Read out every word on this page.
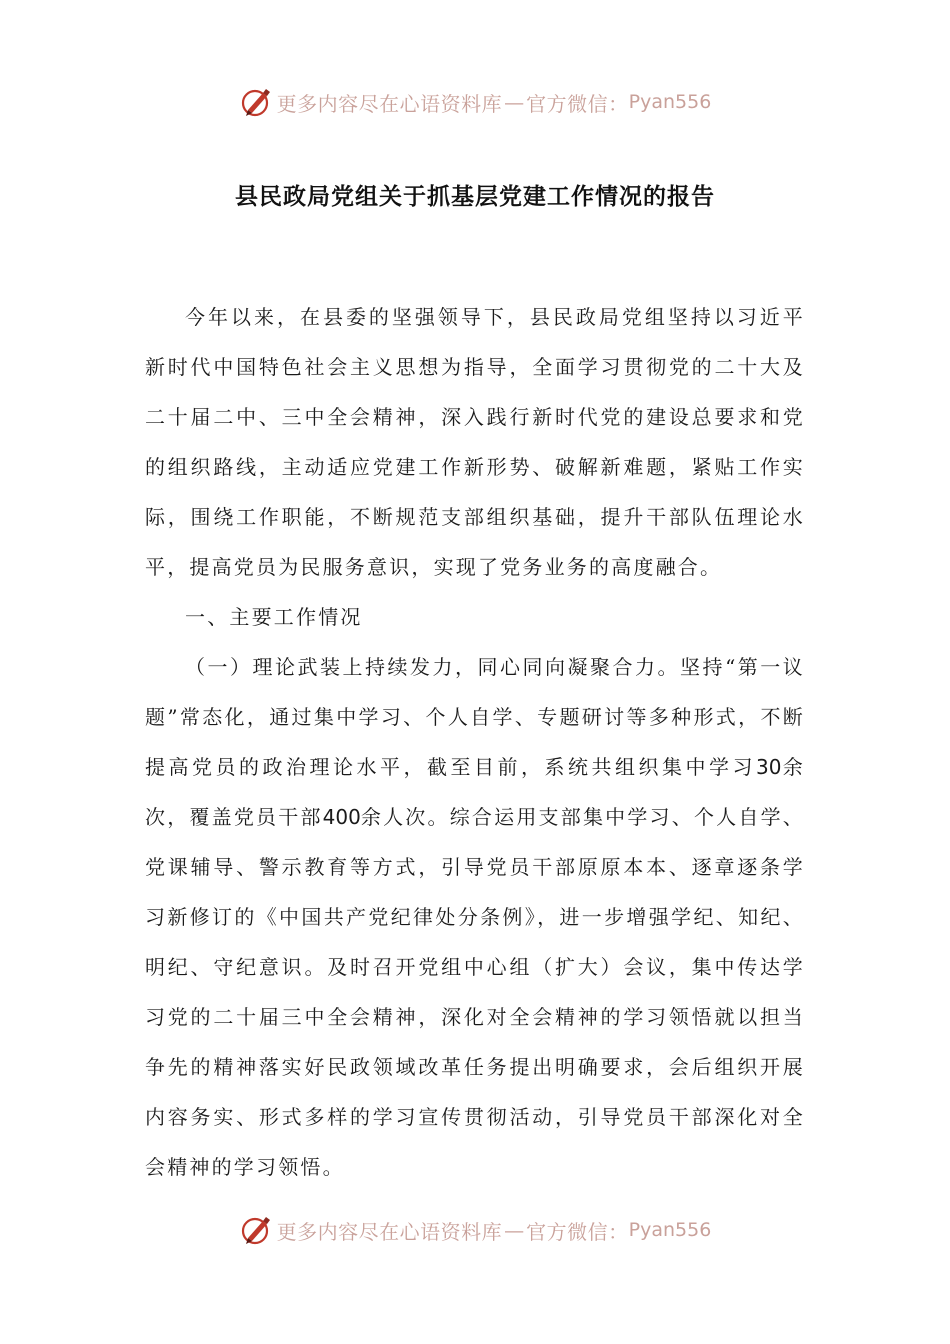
更多内容尽在心语资料库 — 官方微信： Pyan556
县民政局党组关于抓基层党建工作情况的报告

今年以来，在县委的坚强领导下，县民政局党组坚持以习近平新时代中国特色社会主义思想为指导，全面学习贯彻党的二十大及二十届二中、三中全会精神，深入践行新时代党的建设总要求和党的组织路线，主动适应党建工作新形势、破解新难题，紧贴工作实际，围绕工作职能，不断规范支部组织基础，提升干部队伍理论水平，提高党员为民服务意识，实现了党务业务的高度融合。

一、主要工作情况

（一）理论武装上持续发力，同心同向凝聚合力。坚持“第一议题”常态化，通过集中学习、个人自学、专题研讨等多种形式，不断提高党员的政治理论水平，截至目前，系统共组织集中学习30余次，覆盖党员干部400余人次。综合运用支部集中学习、个人自学、党课辅导、警示教育等方式，引导党员干部原原本本、逐章逐条学习新修订的《中国共产党纪律处分条例》，进一步增强学纪、知纪、明纪、守纪意识。及时召开党组中心组（扩大）会议，集中传达学习党的二十届三中全会精神，深化对全会精神的学习领悟就以担当争先的精神落实好民政领域改革任务提出明确要求，会后组织开展内容务实、形式多样的学习宣传贯彻活动，引导党员干部深化对全会精神的学习领悟。

更多内容尽在心语资料库 — 官方微信： Pyan556
